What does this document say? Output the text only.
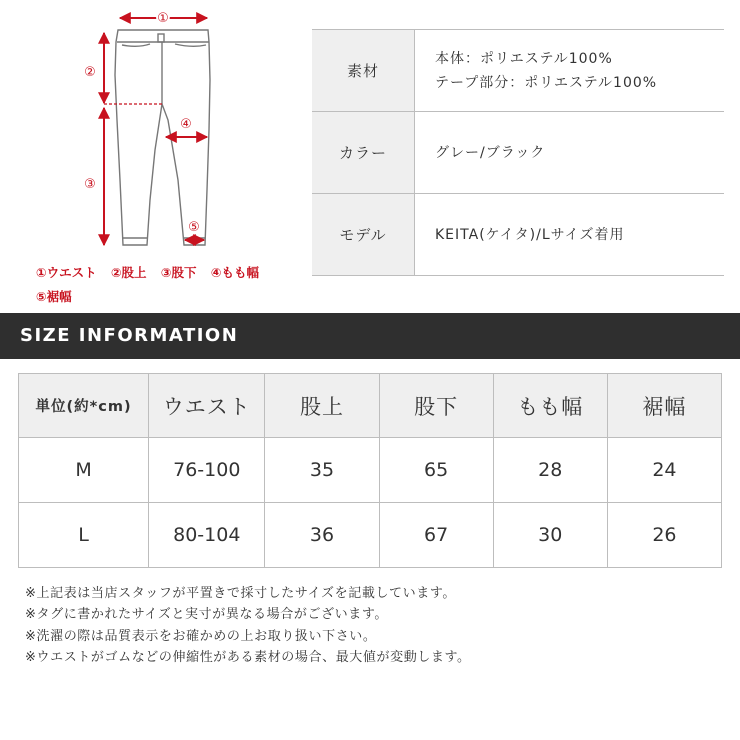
①
②
③
④
⑤
①ウエスト ②股上 ③股下 ④もも幅
⑤裾幅
素材	本体：ポリエステル100%
テープ部分：ポリエステル100%

カラー	グレー/ブラック

モデル	KEITA(ケイタ)/Lサイズ着用
SIZE INFORMATION
単位(約*cm)	ウエスト	股上	股下	もも幅	裾幅
M	76-100	35	65	28	24
L	80-104	36	67	30	26
※上記表は当店スタッフが平置きで採寸したサイズを記載しています。
※タグに書かれたサイズと実寸が異なる場合がございます。
※洗濯の際は品質表示をお確かめの上お取り扱い下さい。
※ウエストがゴムなどの伸縮性がある素材の場合、最大値が変動します。
